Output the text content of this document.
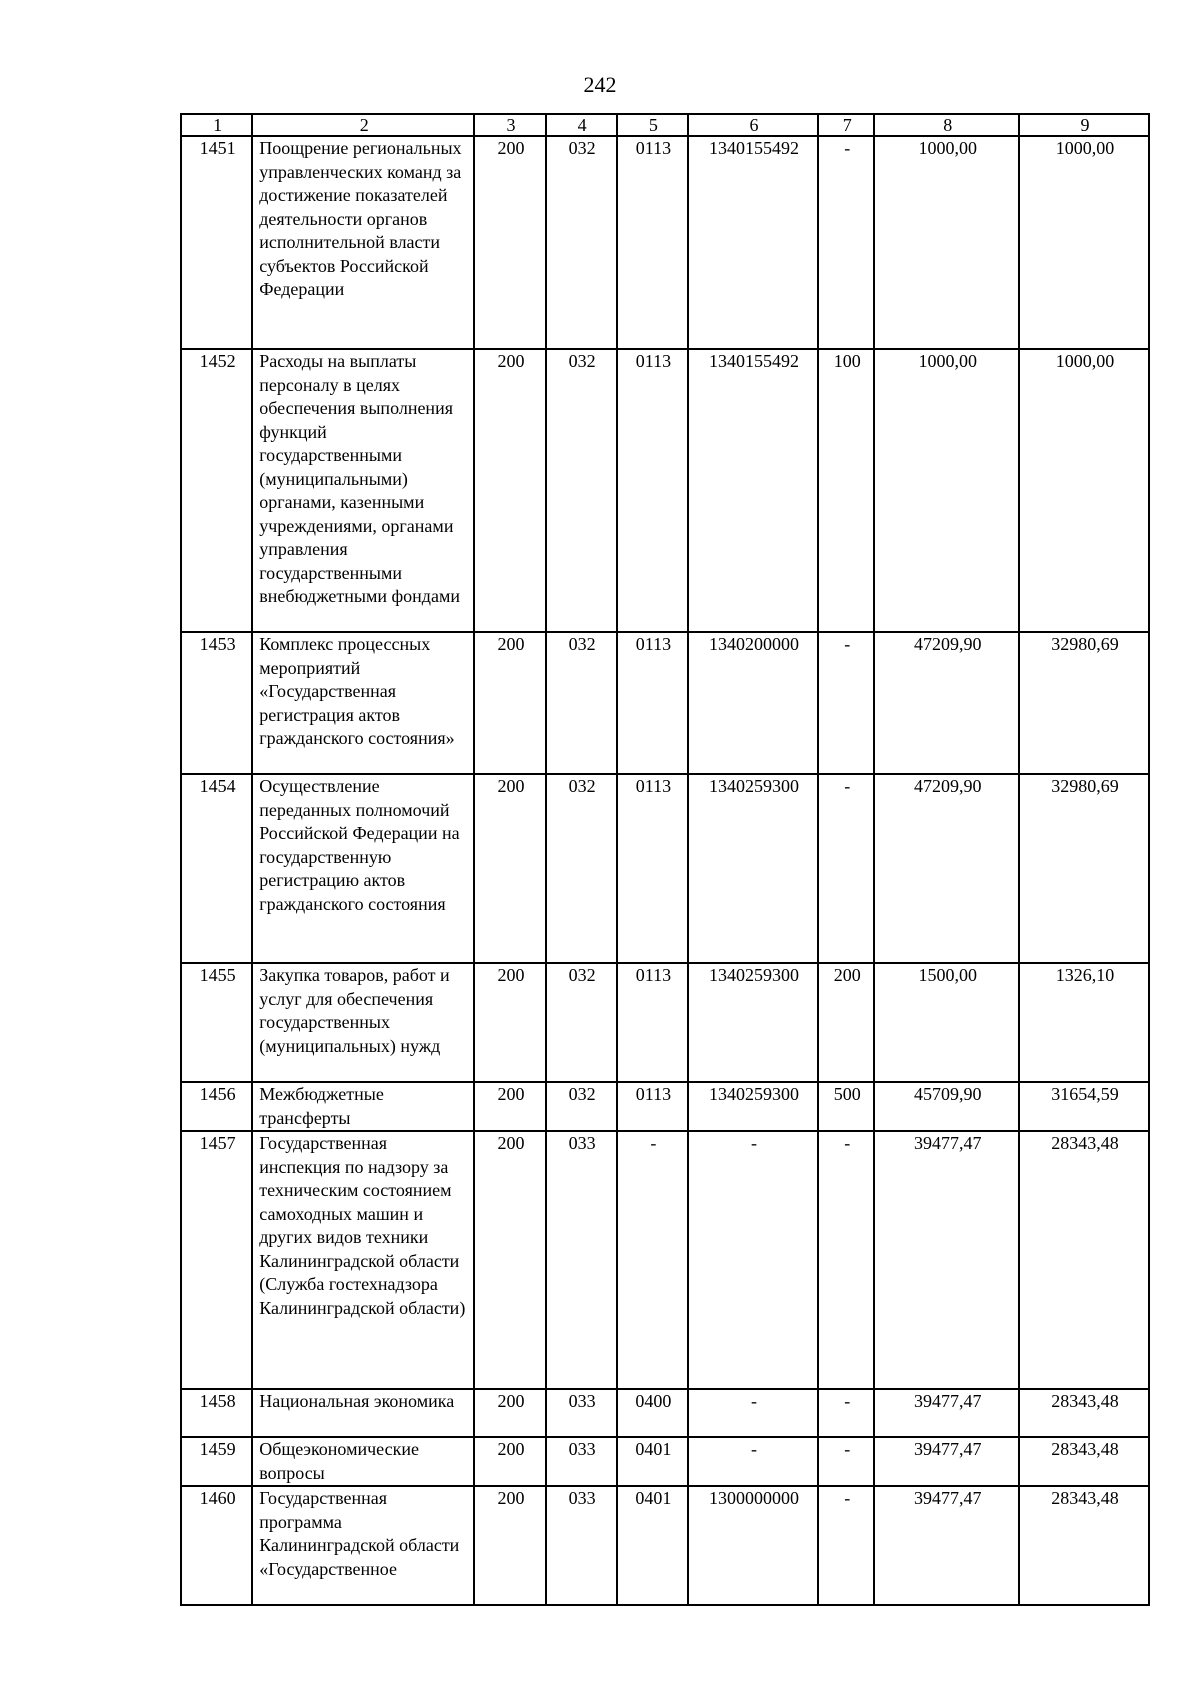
242
1	2	3	4	5	6	7	8	9
1451	Поощрение региональных управленческих команд за достижение показателей деятельности органов исполнительной власти субъектов Российской Федерации	200	032	0113	1340155492	-	1000,00	1000,00
1452	Расходы на выплаты персоналу в целях обеспечения выполнения функций государственными (муниципальными) органами, казенными учреждениями, органами управления государственными внебюджетными фондами	200	032	0113	1340155492	100	1000,00	1000,00
1453	Комплекс процессных мероприятий «Государственная регистрация актов гражданского состояния»	200	032	0113	1340200000	-	47209,90	32980,69
1454	Осуществление переданных полномочий Российской Федерации на государственную регистрацию актов гражданского состояния	200	032	0113	1340259300	-	47209,90	32980,69
1455	Закупка товаров, работ и услуг для обеспечения государственных (муниципальных) нужд	200	032	0113	1340259300	200	1500,00	1326,10
1456	Межбюджетные трансферты	200	032	0113	1340259300	500	45709,90	31654,59
1457	Государственная инспекция по надзору за техническим состоянием самоходных машин и других видов техники Калининградской области (Служба гостехнадзора Калининградской области)	200	033	-	-	-	39477,47	28343,48
1458	Национальная экономика	200	033	0400	-	-	39477,47	28343,48
1459	Общеэкономические вопросы	200	033	0401	-	-	39477,47	28343,48
1460	Государственная программа Калининградской области «Государственное	200	033	0401	1300000000	-	39477,47	28343,48
